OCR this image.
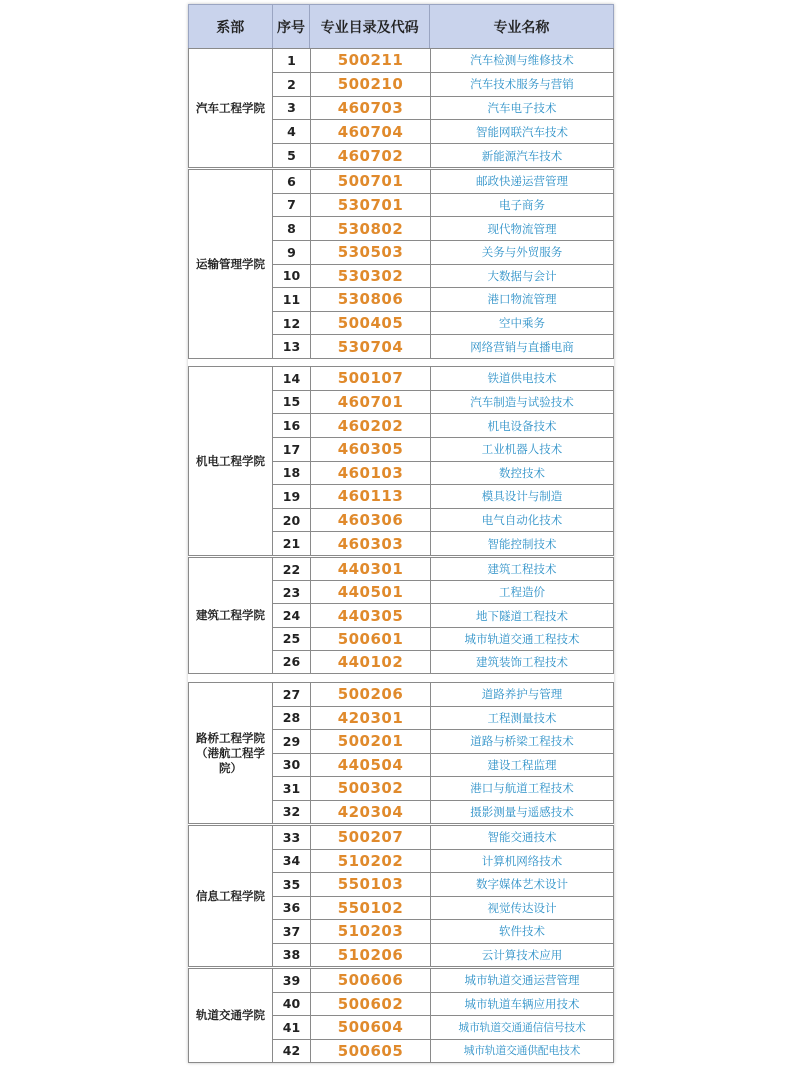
系部	序号	专业目录及代码	专业名称
汽车工程学院
1	500211	汽车检测与维修技术
2	500210	汽车技术服务与营销
3	460703	汽车电子技术
4	460704	智能网联汽车技术
5	460702	新能源汽车技术
运输管理学院
6	500701	邮政快递运营管理
7	530701	电子商务
8	530802	现代物流管理
9	530503	关务与外贸服务
10	530302	大数据与会计
11	530806	港口物流管理
12	500405	空中乘务
13	530704	网络营销与直播电商
机电工程学院
14	500107	铁道供电技术
15	460701	汽车制造与试验技术
16	460202	机电设备技术
17	460305	工业机器人技术
18	460103	数控技术
19	460113	模具设计与制造
20	460306	电气自动化技术
21	460303	智能控制技术
建筑工程学院
22	440301	建筑工程技术
23	440501	工程造价
24	440305	地下隧道工程技术
25	500601	城市轨道交通工程技术
26	440102	建筑装饰工程技术
路桥工程学院
（港航工程学
院）
27	500206	道路养护与管理
28	420301	工程测量技术
29	500201	道路与桥梁工程技术
30	440504	建设工程监理
31	500302	港口与航道工程技术
32	420304	摄影测量与遥感技术
信息工程学院
33	500207	智能交通技术
34	510202	计算机网络技术
35	550103	数字媒体艺术设计
36	550102	视觉传达设计
37	510203	软件技术
38	510206	云计算技术应用
轨道交通学院
39	500606	城市轨道交通运营管理
40	500602	城市轨道车辆应用技术
41	500604	城市轨道交通通信信号技术
42	500605	城市轨道交通供配电技术
